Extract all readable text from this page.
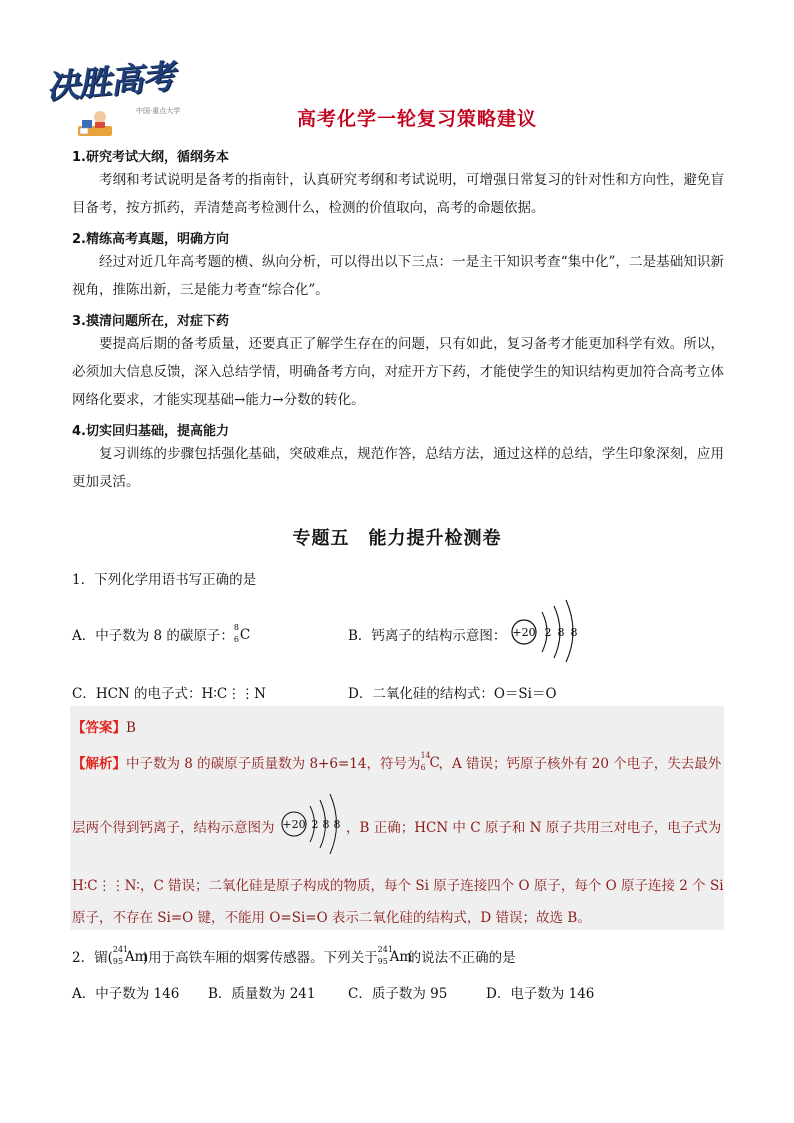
决胜高考
中国·重点大学	高考化学一轮复习策略建议
1.研究考试大纲，循纲务本
考纲和考试说明是备考的指南针，认真研究考纲和考试说明，可增强日常复习的针对性和方向性，避免盲目备考，按方抓药，弄清楚高考检测什么，检测的价值取向，高考的命题依据。
2.精练高考真题，明确方向
经过对近几年高考题的横、纵向分析，可以得出以下三点：一是主干知识考查“集中化”，二是基础知识新视角，推陈出新，三是能力考查“综合化”。
3.摸清问题所在，对症下药
要提高后期的备考质量，还要真正了解学生存在的问题，只有如此，复习备考才能更加科学有效。所以，必须加大信息反馈，深入总结学情，明确备考方向，对症开方下药，才能使学生的知识结构更加符合高考立体网络化要求，才能实现基础→能力→分数的转化。
4.切实回归基础，提高能力
复习训练的步骤包括强化基础，突破难点，规范作答，总结方法，通过这样的总结，学生印象深刻，应用更加灵活。
专题五　能力提升检测卷
1．下列化学用语书写正确的是
A．中子数为 8 的碳原子：
8
6 C	B．钙离子的结构示意图： +20 2 8 8
C．HCN 的电子式：H∶C⋮⋮N	D．二氧化硅的结构式：O＝Si＝O
【答案】B
【解析】中子数为 8 的碳原子质量数为 8+6=14，符号为
14
6 C
，A 错误；钙原子核外有 20 个电子，失去最外
层两个得到钙离子，结构示意图为 +20 2 8 8 ，B 正确；HCN 中 C 原子和 N 原子共用三对电子，电子式为
H∶C⋮⋮N∶，C 错误；二氧化硅是原子构成的物质，每个 Si 原子连接四个 O 原子，每个 O 原子连接 2 个 Si
原子，不存在 Si=O 键，不能用 O=Si=O 表示二氧化硅的结构式，D 错误；故选 B。
2．镅(
241
95 Am
)用于高铁车厢的烟雾传感器。下列关于
241
95 Am
的说法不正确的是
A．中子数为 146 B．质量数为 241 C．质子数为 95	D．电子数为 146
